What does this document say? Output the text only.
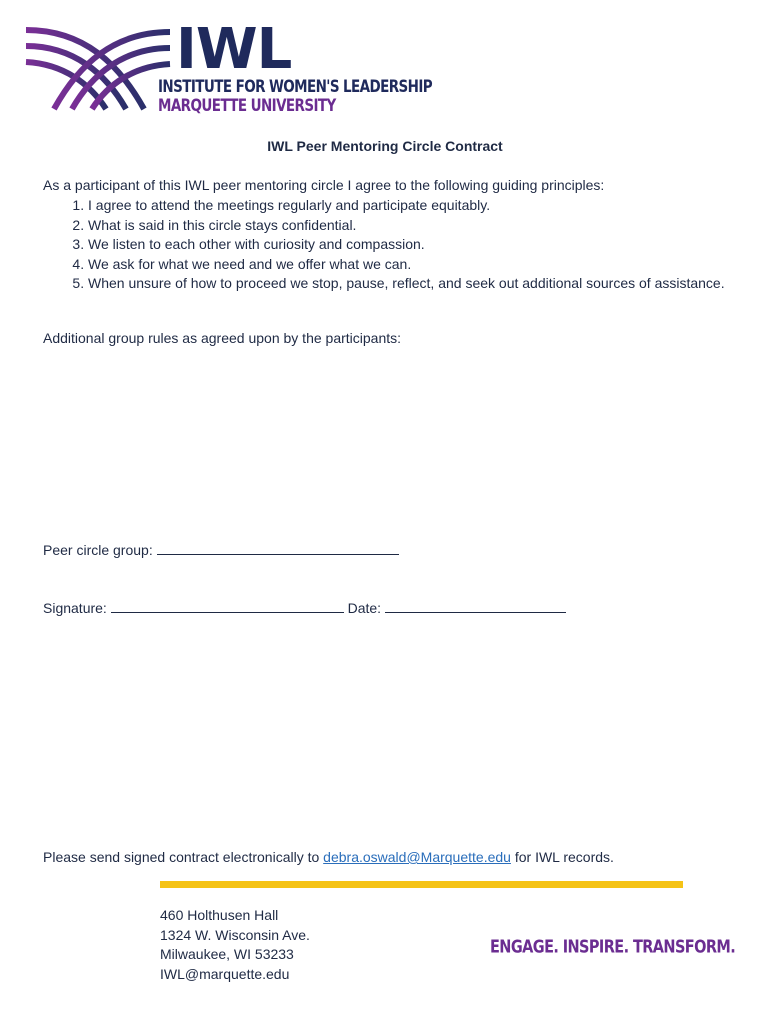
IWL
INSTITUTE FOR WOMEN'S LEADERSHIP
MARQUETTE UNIVERSITY
IWL Peer Mentoring Circle Contract
As a participant of this IWL peer mentoring circle I agree to the following guiding principles:
1. I agree to attend the meetings regularly and participate equitably.
2. What is said in this circle stays confidential.
3. We listen to each other with curiosity and compassion.
4. We ask for what we need and we offer what we can.
5. When unsure of how to proceed we stop, pause, reflect, and seek out additional sources of assistance.
Additional group rules as agreed upon by the participants:
Peer circle group:
Signature:	Date:
Please send signed contract electronically to debra.oswald@Marquette.edu for IWL records.
460 Holthusen Hall
1324 W. Wisconsin Ave.
Milwaukee, WI 53233
IWL@marquette.edu
ENGAGE. INSPIRE. TRANSFORM.
